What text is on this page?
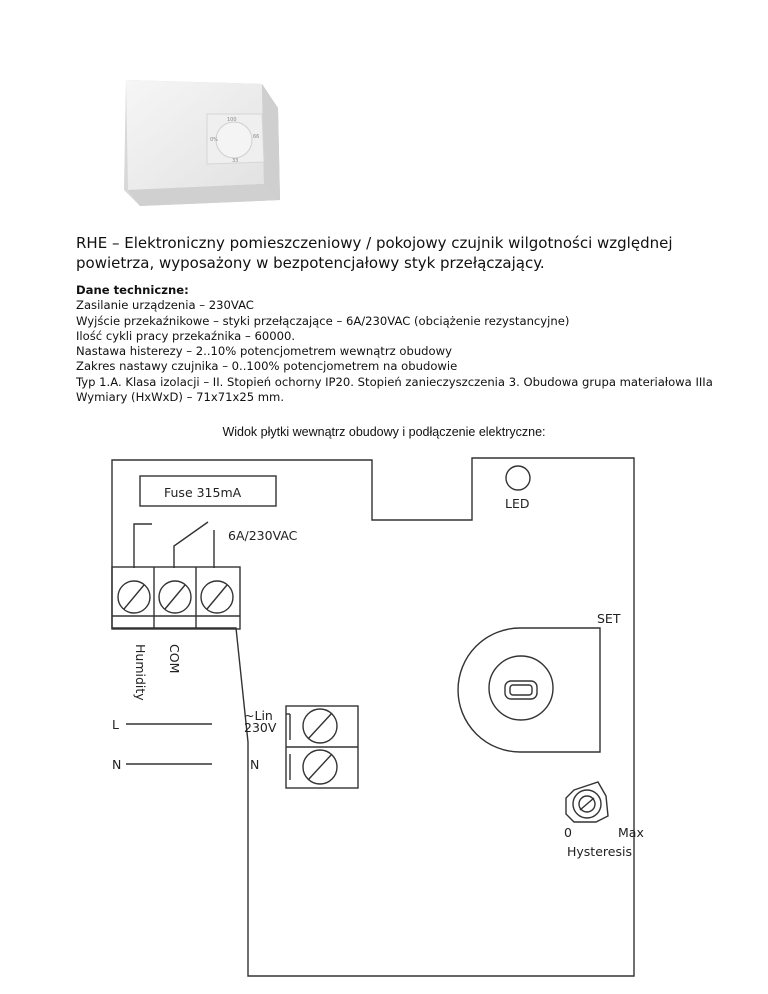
100
0%	66
33
RHE – Elektroniczny pomieszczeniowy / pokojowy czujnik wilgotności względnej powietrza, wyposażony w bezpotencjałowy styk przełączający.
Dane techniczne:
Zasilanie urządzenia – 230VAC
Wyjście przekaźnikowe – styki przełączające – 6A/230VAC (obciążenie rezystancyjne)
Ilość cykli pracy przekaźnika – 60000.
Nastawa histerezy – 2..10% potencjometrem wewnątrz obudowy
Zakres nastawy czujnika – 0..100% potencjometrem na obudowie
Typ 1.A. Klasa izolacji – II. Stopień ochorny IP20. Stopień zanieczyszczenia 3. Obudowa grupa materiałowa IIIa
Wymiary (HxWxD) – 71x71x25 mm.
Widok płytki wewnątrz obudowy i podłączenie elektryczne:
Fuse 315mA
LED
6A/230VAC
Humidity COM
SET
L
N
~Lin
230V
N
0	Max
Hysteresis
